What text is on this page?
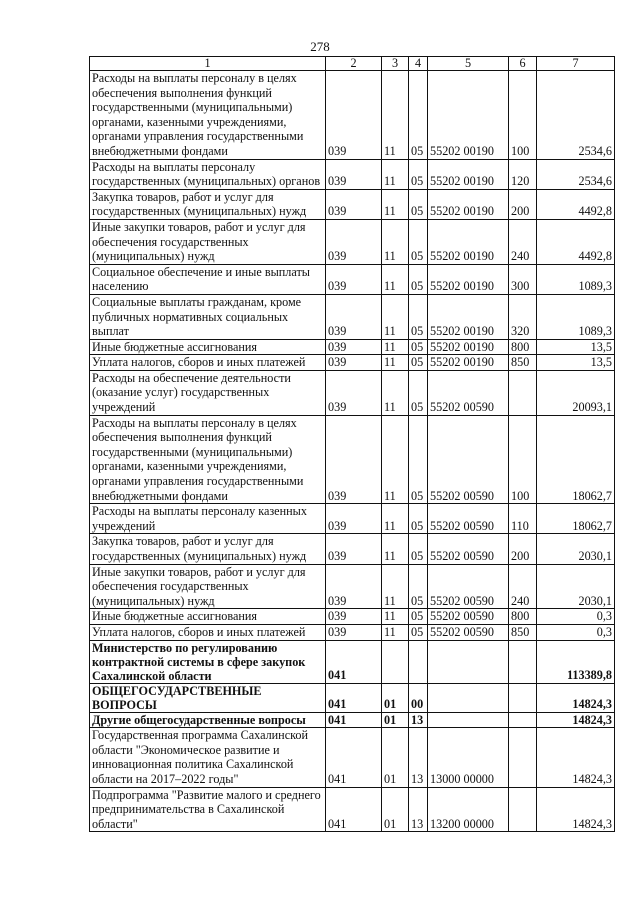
278
1	2	3	4	5	6	7
Расходы на выплаты персоналу в целях обеспечения выполнения функций государственными (муниципальными) органами, казенными учреждениями, органами управления государственными внебюджетными фондами	039	11	05	55202 00190	100	2534,6
Расходы на выплаты персоналу государственных (муниципальных) органов	039	11	05	55202 00190	120	2534,6
Закупка товаров, работ и услуг для государственных (муниципальных) нужд	039	11	05	55202 00190	200	4492,8
Иные закупки товаров, работ и услуг для обеспечения государственных (муниципальных) нужд	039	11	05	55202 00190	240	4492,8
Социальное обеспечение и иные выплаты населению	039	11	05	55202 00190	300	1089,3
Социальные выплаты гражданам, кроме публичных нормативных социальных выплат	039	11	05	55202 00190	320	1089,3
Иные бюджетные ассигнования	039	11	05	55202 00190	800	13,5
Уплата налогов, сборов и иных платежей	039	11	05	55202 00190	850	13,5
Расходы на обеспечение деятельности (оказание услуг) государственных учреждений	039	11	05	55202 00590		20093,1
Расходы на выплаты персоналу в целях обеспечения выполнения функций государственными (муниципальными) органами, казенными учреждениями, органами управления государственными внебюджетными фондами	039	11	05	55202 00590	100	18062,7
Расходы на выплаты персоналу казенных учреждений	039	11	05	55202 00590	110	18062,7
Закупка товаров, работ и услуг для государственных (муниципальных) нужд	039	11	05	55202 00590	200	2030,1
Иные закупки товаров, работ и услуг для обеспечения государственных (муниципальных) нужд	039	11	05	55202 00590	240	2030,1
Иные бюджетные ассигнования	039	11	05	55202 00590	800	0,3
Уплата налогов, сборов и иных платежей	039	11	05	55202 00590	850	0,3
Министерство по регулированию контрактной системы в сфере закупок Сахалинской области	041					113389,8
ОБЩЕГОСУДАРСТВЕННЫЕ ВОПРОСЫ	041	01	00			14824,3
Другие общегосударственные вопросы	041	01	13			14824,3
Государственная программа Сахалинской области "Экономическое развитие и инновационная политика Сахалинской области на 2017–2022 годы"	041	01	13	13000 00000		14824,3
Подпрограмма "Развитие малого и среднего предпринимательства в Сахалинской области"	041	01	13	13200 00000		14824,3
